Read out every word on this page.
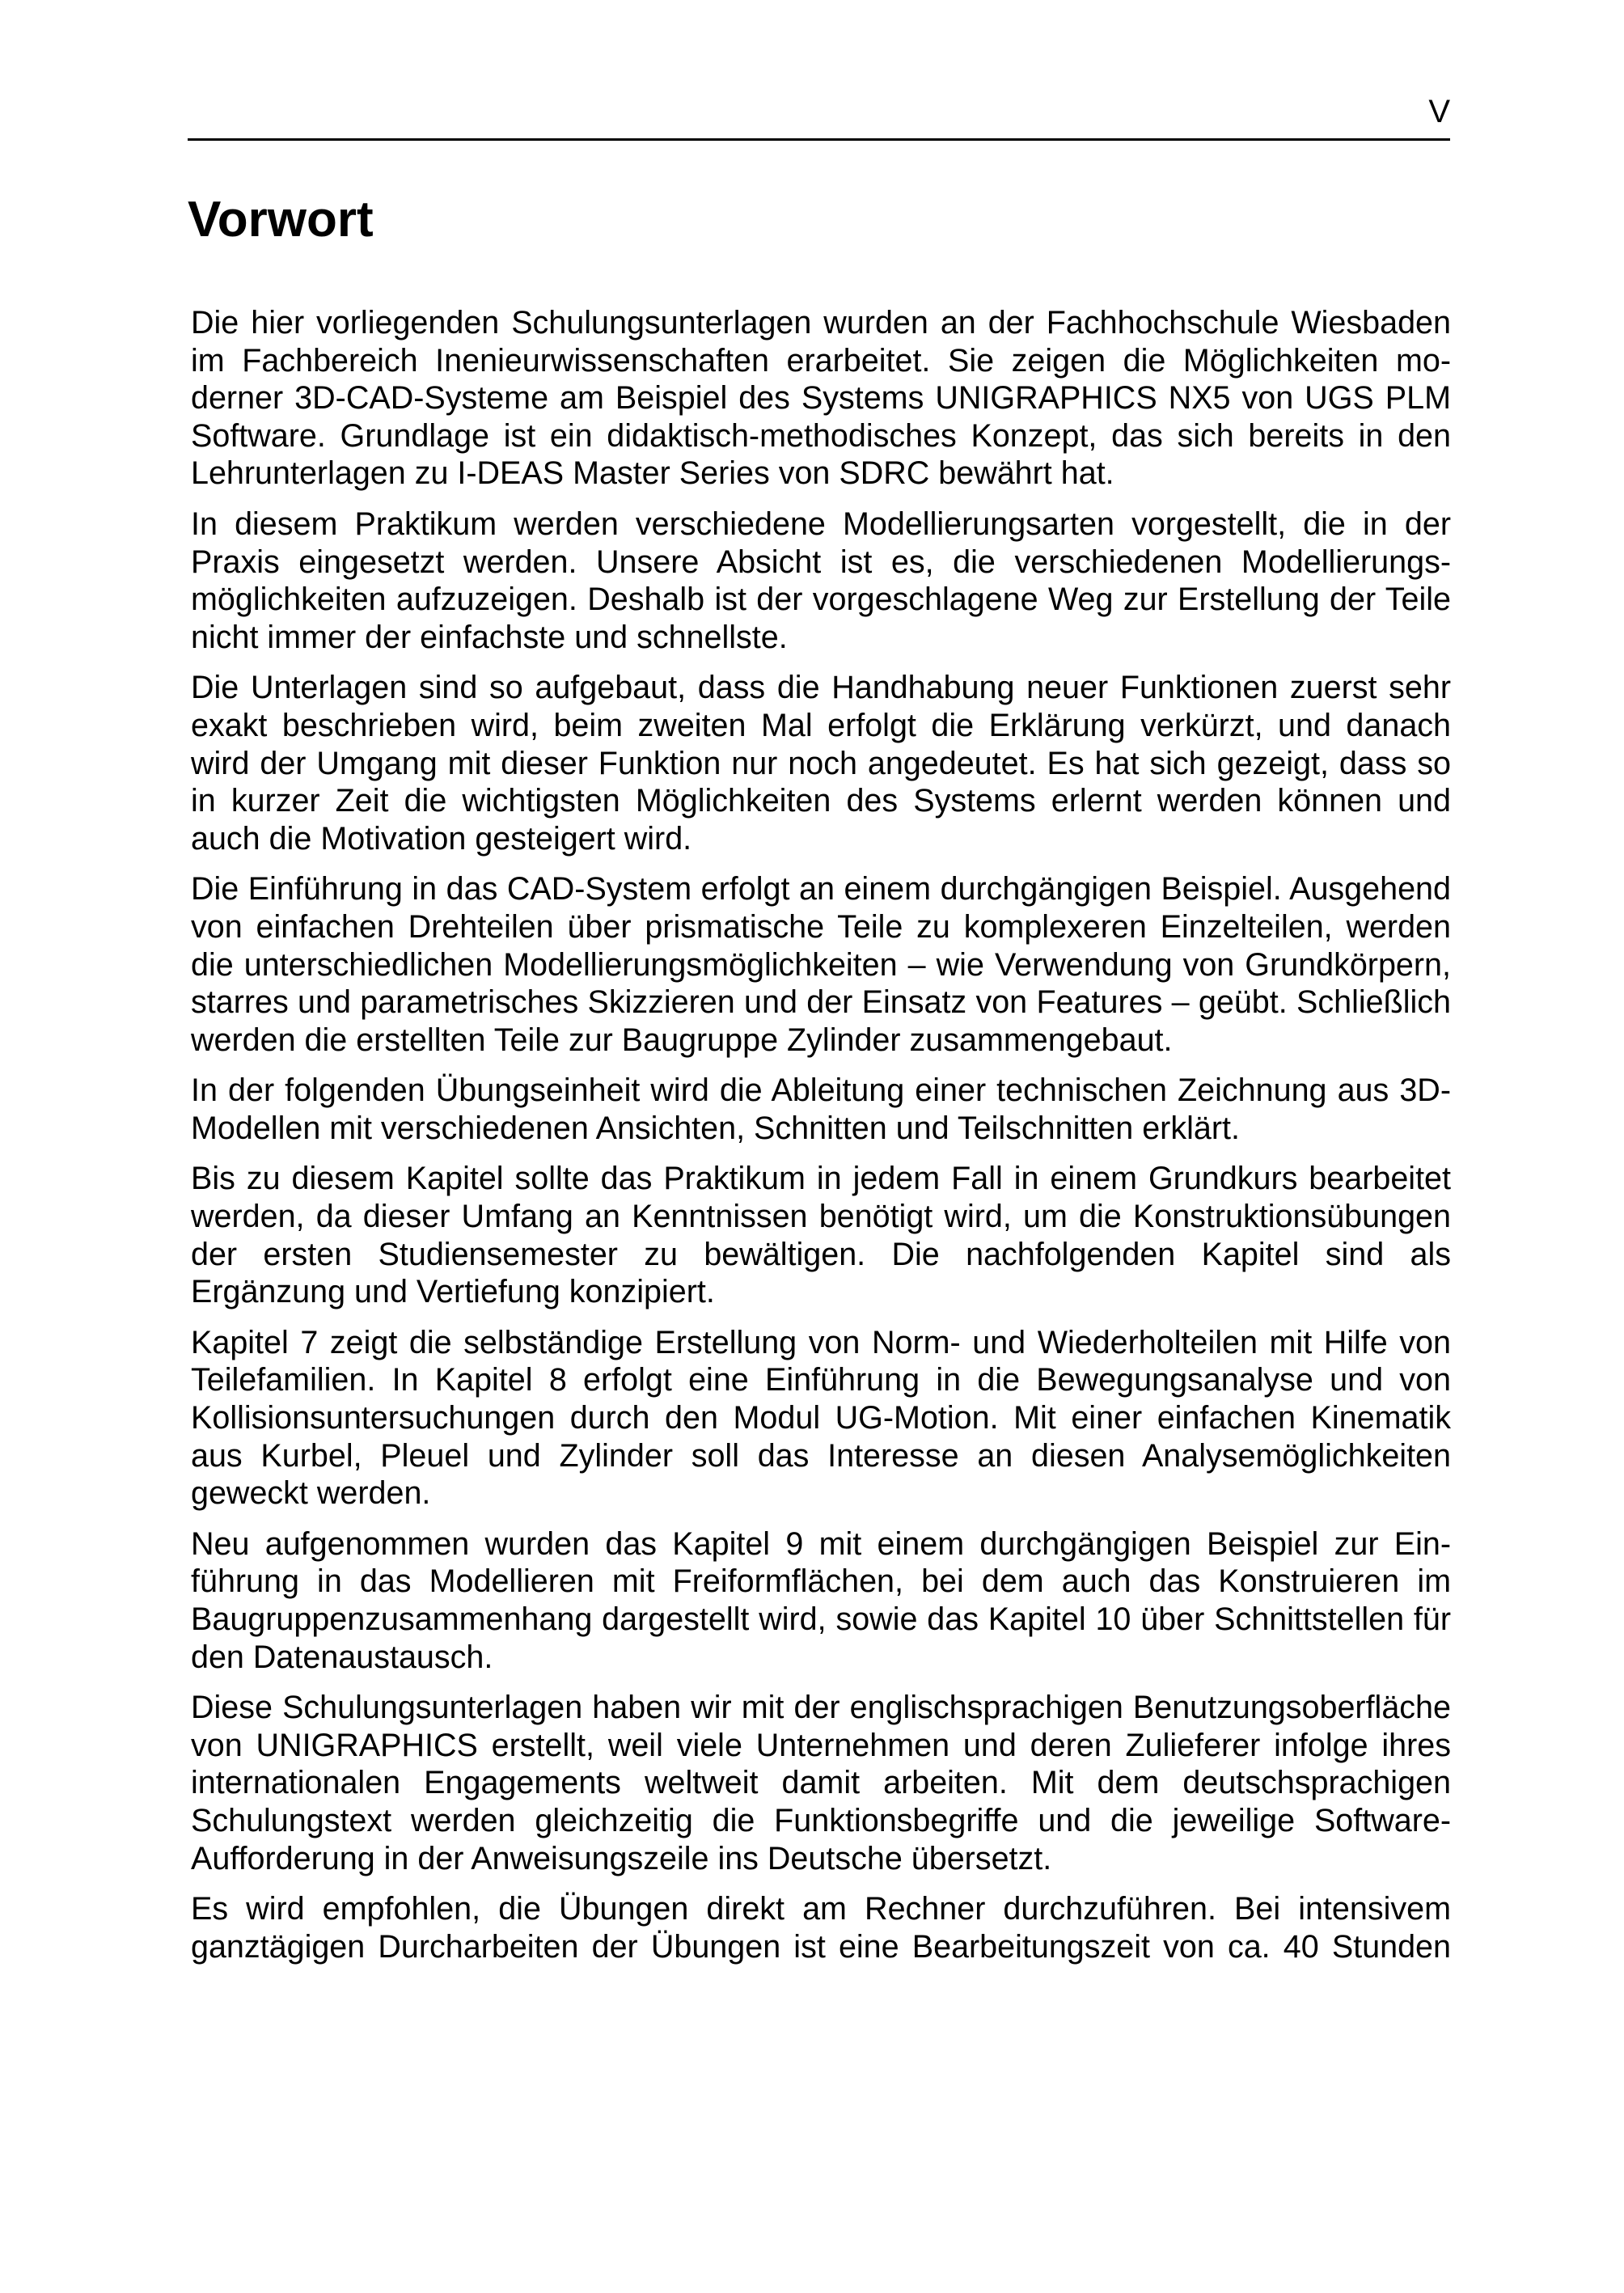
V
Vorwort

Die hier vorliegenden Schulungsunterlagen wurden an der Fachhochschule Wiesbaden im Fachbereich Inenieurwissenschaften erarbeitet. Sie zeigen die Möglichkeiten moderner 3D-CAD-Systeme am Beispiel des Systems UNIGRAPHICS NX5 von UGS PLM Software. Grundlage ist ein didaktisch-methodisches Konzept, das sich bereits in den Lehrunterlagen zu I-DEAS Master Series von SDRC bewährt hat.

In diesem Praktikum werden verschiedene Modellierungsarten vorgestellt, die in der Praxis eingesetzt werden. Unsere Absicht ist es, die verschiedenen Modellierungsmöglichkeiten aufzuzeigen. Deshalb ist der vorgeschlagene Weg zur Erstellung der Teile nicht immer der einfachste und schnellste.

Die Unterlagen sind so aufgebaut, dass die Handhabung neuer Funktionen zuerst sehr exakt beschrieben wird, beim zweiten Mal erfolgt die Erklärung verkürzt, und danach wird der Umgang mit dieser Funktion nur noch angedeutet. Es hat sich gezeigt, dass so in kurzer Zeit die wichtigsten Möglichkeiten des Systems erlernt werden können und auch die Motivation gesteigert wird.

Die Einführung in das CAD-System erfolgt an einem durchgängigen Beispiel. Ausgehend von einfachen Drehteilen über prismatische Teile zu komplexeren Einzelteilen, werden die unterschiedlichen Modellierungsmöglichkeiten – wie Verwendung von Grundkörpern, starres und parametrisches Skizzieren und der Einsatz von Features – geübt. Schließlich werden die erstellten Teile zur Baugruppe Zylinder zusammengebaut.

In der folgenden Übungseinheit wird die Ableitung einer technischen Zeichnung aus 3D-Modellen mit verschiedenen Ansichten, Schnitten und Teilschnitten erklärt.

Bis zu diesem Kapitel sollte das Praktikum in jedem Fall in einem Grundkurs bearbeitet werden, da dieser Umfang an Kenntnissen benötigt wird, um die Konstruktionsübungen der ersten Studiensemester zu bewältigen. Die nachfolgenden Kapitel sind als Ergänzung und Vertiefung konzipiert.

Kapitel 7 zeigt die selbständige Erstellung von Norm- und Wiederholteilen mit Hilfe von Teilefamilien. In Kapitel 8 erfolgt eine Einführung in die Bewegungsanalyse und von Kollisionsuntersuchungen durch den Modul UG-Motion. Mit einer einfachen Kinematik aus Kurbel, Pleuel und Zylinder soll das Interesse an diesen Analysemöglichkeiten geweckt werden.

Neu aufgenommen wurden das Kapitel 9 mit einem durchgängigen Beispiel zur Einführung in das Modellieren mit Freiformflächen, bei dem auch das Konstruieren im Baugruppenzusammenhang dargestellt wird, sowie das Kapitel 10 über Schnittstellen für den Datenaustausch.

Diese Schulungsunterlagen haben wir mit der englischsprachigen Benutzungsoberfläche von UNIGRAPHICS erstellt, weil viele Unternehmen und deren Zulieferer infolge ihres internationalen Engagements weltweit damit arbeiten. Mit dem deutschsprachigen Schulungstext werden gleichzeitig die Funktionsbegriffe und die jeweilige Software-Aufforderung in der Anweisungszeile ins Deutsche übersetzt.

Es wird empfohlen, die Übungen direkt am Rechner durchzuführen. Bei intensivem ganztägigen Durcharbeiten der Übungen ist eine Bearbeitungszeit von ca. 40 Stunden
